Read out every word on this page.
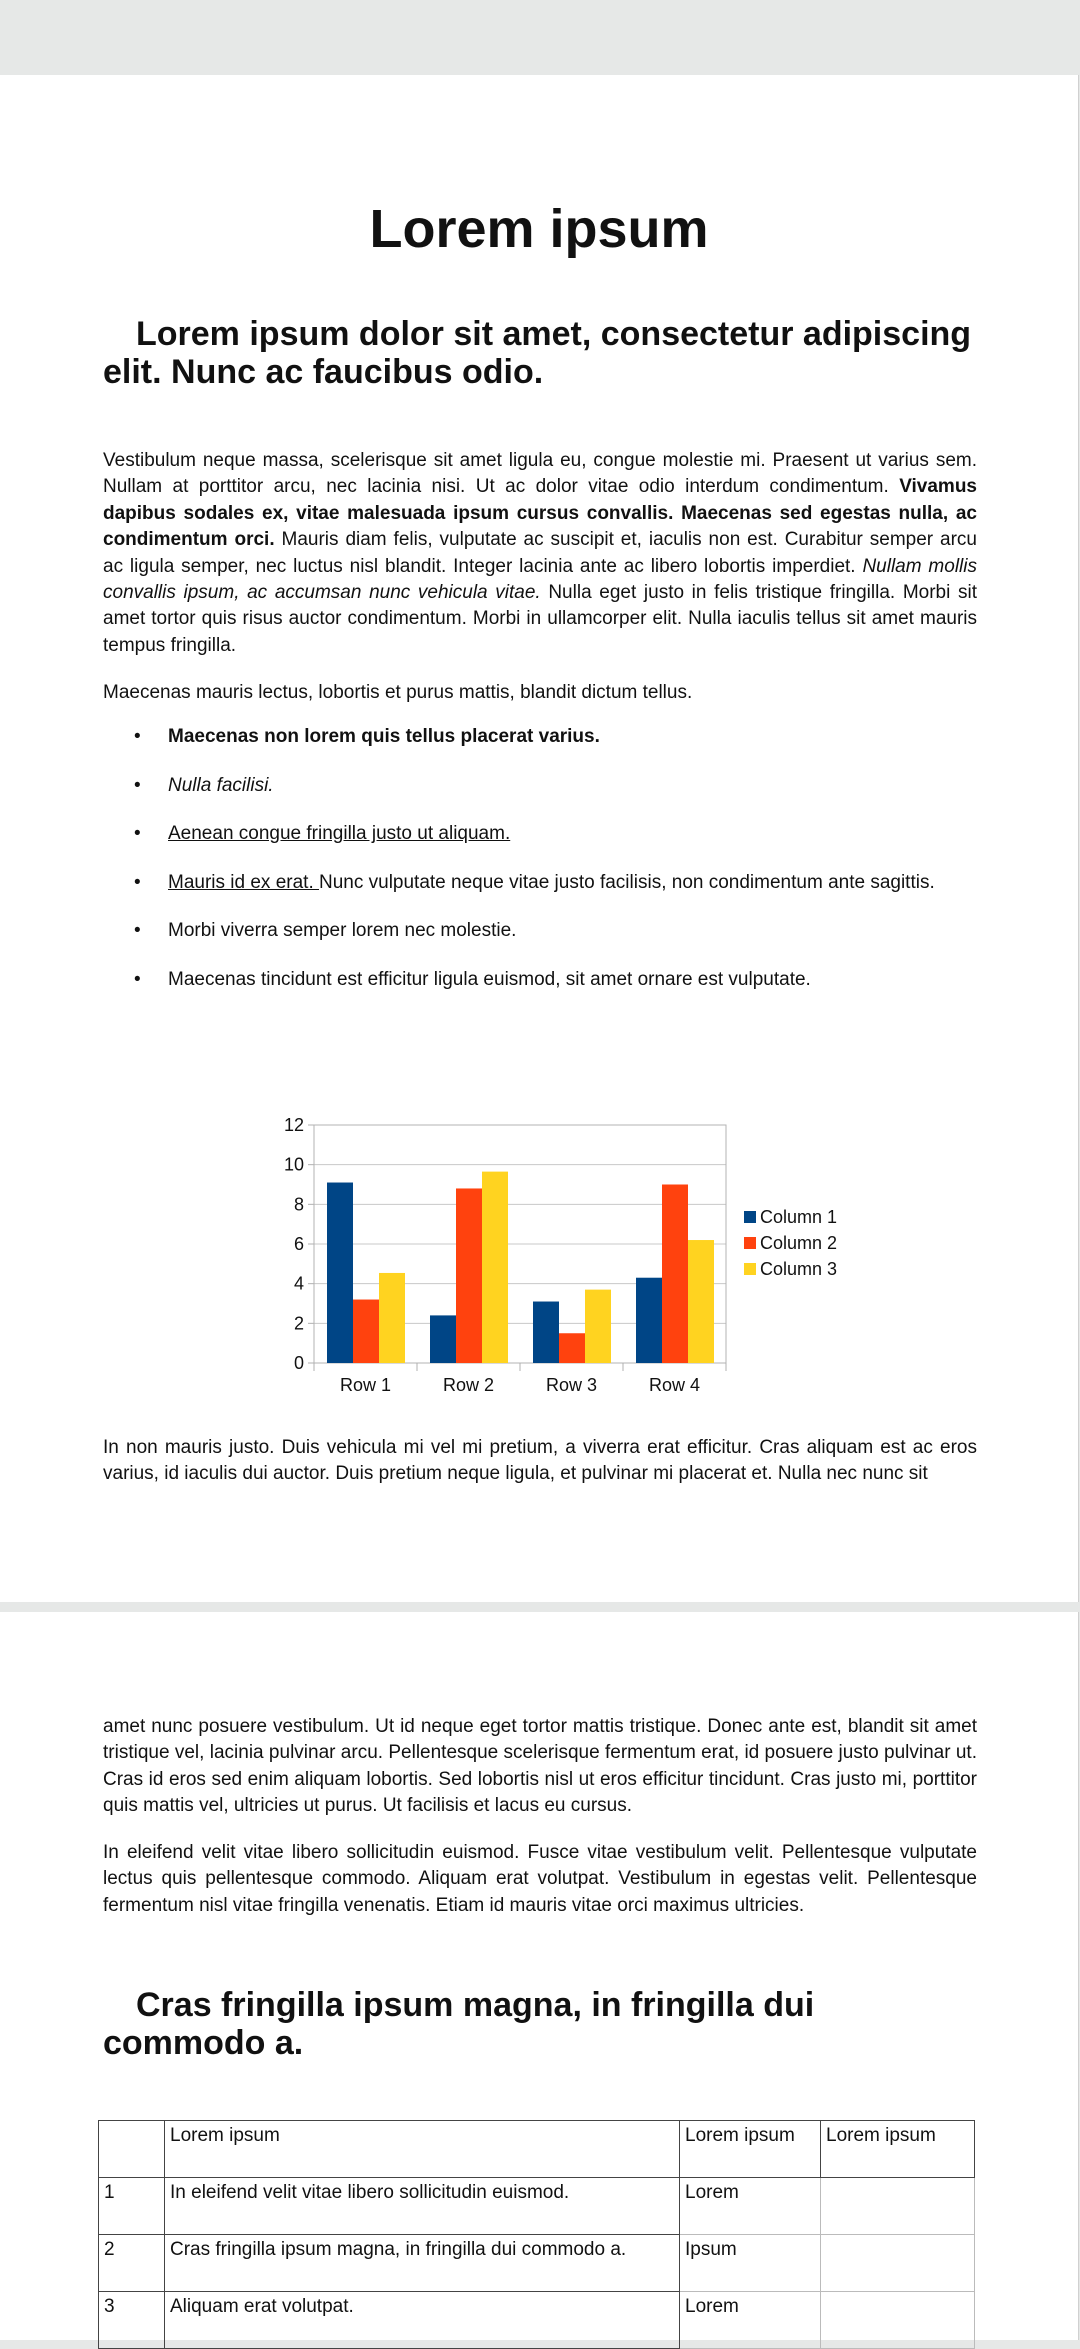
Lorem ipsum
Lorem ipsum dolor sit amet, consectetur adipiscing elit. Nunc ac faucibus odio.

Vestibulum neque massa, scelerisque sit amet ligula eu, congue molestie mi. Praesent ut varius sem. Nullam at porttitor arcu, nec lacinia nisi. Ut ac dolor vitae odio interdum condimentum. Vivamus dapibus sodales ex, vitae malesuada ipsum cursus convallis. Maecenas sed egestas nulla, ac condimentum orci. Mauris diam felis, vulputate ac suscipit et, iaculis non est. Curabitur semper arcu ac ligula semper, nec luctus nisl blandit. Integer lacinia ante ac libero lobortis imperdiet. Nullam mollis convallis ipsum, ac accumsan nunc vehicula vitae. Nulla eget justo in felis tristique fringilla. Morbi sit amet tortor quis risus auctor condimentum. Morbi in ullamcorper elit. Nulla iaculis tellus sit amet mauris tempus fringilla.

Maecenas mauris lectus, lobortis et purus mattis, blandit dictum tellus.

• Maecenas non lorem quis tellus placerat varius.
• Nulla facilisi.
• Aenean congue fringilla justo ut aliquam.
• Mauris id ex erat. Nunc vulputate neque vitae justo facilisis, non condimentum ante sagittis.
• Morbi viverra semper lorem nec molestie.
• Maecenas tincidunt est efficitur ligula euismod, sit amet ornare est vulputate.
0
2
4
6
8
10
12
Row 1	Row 2	Row 3	Row 4
Column 1
Column 2
Column 3

In non mauris justo. Duis vehicula mi vel mi pretium, a viverra erat efficitur. Cras aliquam est ac eros varius, id iaculis dui auctor. Duis pretium neque ligula, et pulvinar mi placerat et. Nulla nec nunc sit

amet nunc posuere vestibulum. Ut id neque eget tortor mattis tristique. Donec ante est, blandit sit amet tristique vel, lacinia pulvinar arcu. Pellentesque scelerisque fermentum erat, id posuere justo pulvinar ut. Cras id eros sed enim aliquam lobortis. Sed lobortis nisl ut eros efficitur tincidunt. Cras justo mi, porttitor quis mattis vel, ultricies ut purus. Ut facilisis et lacus eu cursus.

In eleifend velit vitae libero sollicitudin euismod. Fusce vitae vestibulum velit. Pellentesque vulputate lectus quis pellentesque commodo. Aliquam erat volutpat. Vestibulum in egestas velit. Pellentesque fermentum nisl vitae fringilla venenatis. Etiam id mauris vitae orci maximus ultricies.

Cras fringilla ipsum magna, in fringilla dui commodo a.
	Lorem ipsum	Lorem ipsum	Lorem ipsum
1	In eleifend velit vitae libero sollicitudin euismod.	Lorem	
2	Cras fringilla ipsum magna, in fringilla dui commodo a.	Ipsum	
3	Aliquam erat volutpat.	Lorem	
